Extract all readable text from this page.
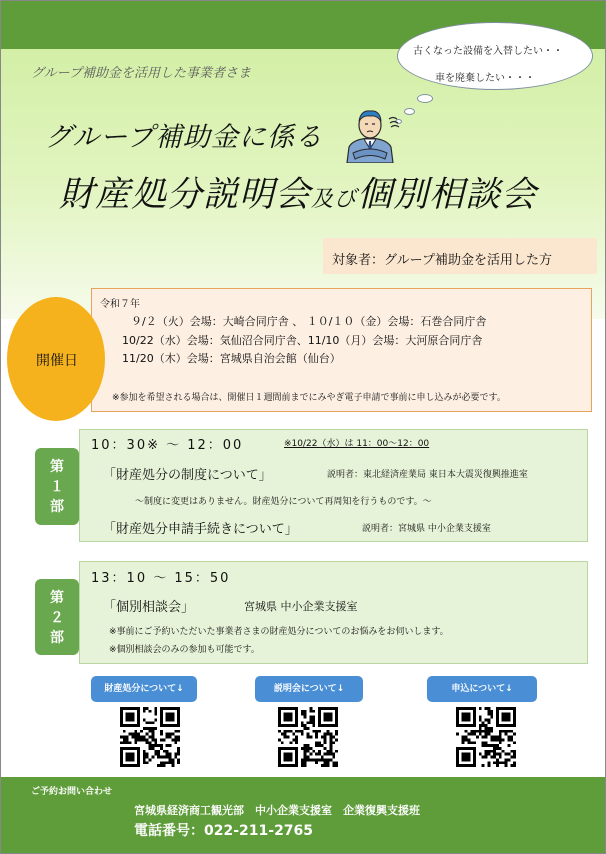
グループ補助金を活用した事業者さま
古くなった設備を入替したい・・
車を廃棄したい・・・
グループ補助金に係る
財産処分説明会及び個別相談会
対象者：グループ補助金を活用した方
令和７年
９/２（火）会場：大崎合同庁舎 、 １０/１０（金）会場：石巻合同庁舎
10/22（水）会場：気仙沼合同庁舎、11/10（月）会場：大河原合同庁舎
11/20（木）会場：宮城県自治会館（仙台）
※参加を希望される場合は、開催日１週間前までにみやぎ電子申請で事前に申し込みが必要です。
開催日
第
１
部
10：30※ ～ 12：00	※10/22（水）は 11：00～12：00
「財産処分の制度について」	説明者：東北経済産業局 東日本大震災復興推進室
～制度に変更はありません。財産処分について再周知を行うものです。～
「財産処分申請手続きについて」	説明者：宮城県 中小企業支援室
第
２
部
13：10 ～ 15：50
「個別相談会」	宮城県 中小企業支援室
※事前にご予約いただいた事業者さまの財産処分についてのお悩みをお伺いします。
※個別相談会のみの参加も可能です。
財産処分について↓	説明会について↓	申込について↓
ご予約お問い合わせ
宮城県経済商工観光部　中小企業支援室　企業復興支援班
電話番号：022-211-2765
